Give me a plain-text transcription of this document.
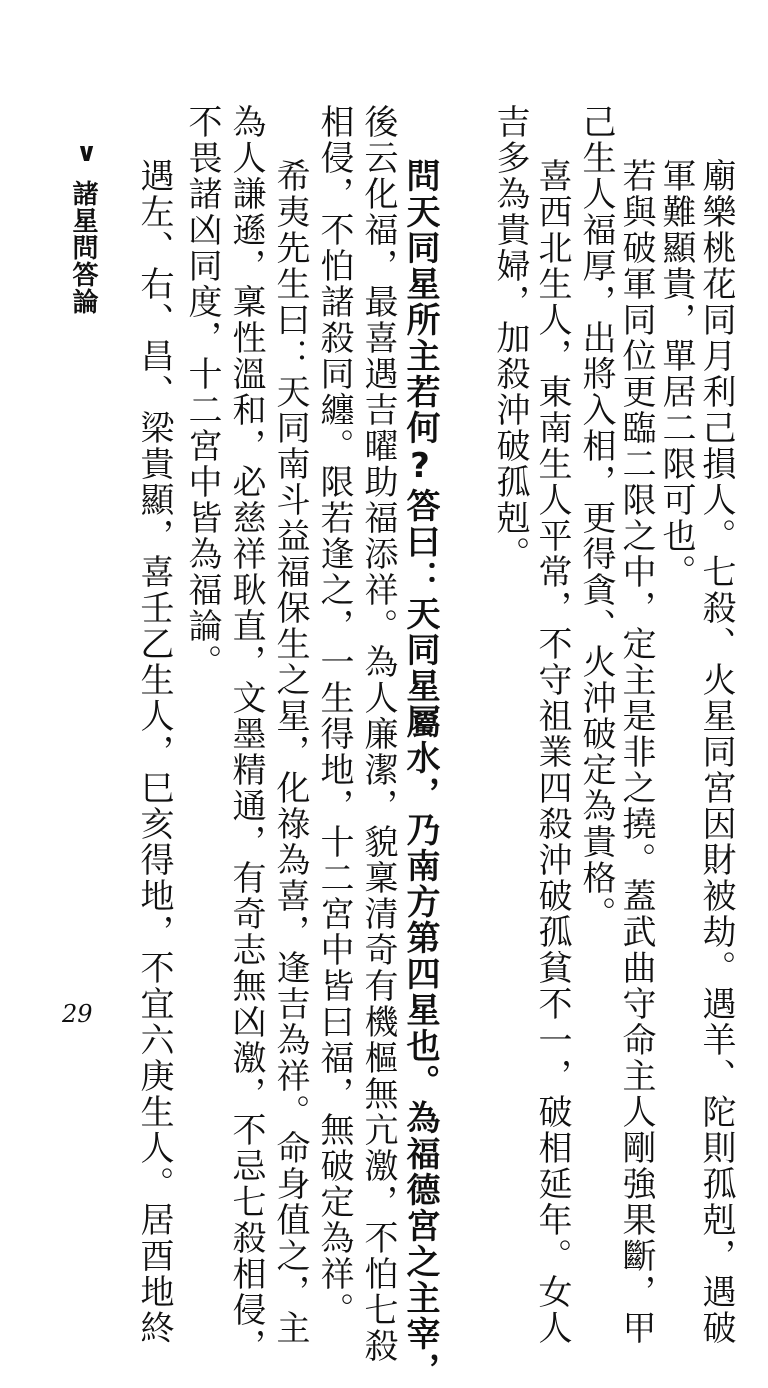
廟樂桃花同月利己損人。七殺、火星同宮因財被劫。遇羊、陀則孤剋，遇破
軍難顯貴，單居二限可也。
若與破軍同位更臨二限之中，定主是非之撓。蓋武曲守命主人剛強果斷，甲
己生人福厚，出將入相，更得貪、火沖破定為貴格。
喜西北生人，東南生人平常，不守祖業四殺沖破孤貧不一，破相延年。女人
吉多為貴婦，加殺沖破孤剋。
問天同星所主若何?答曰：天同星屬水，乃南方第四星也。為福德宮之主宰，
後云化福，最喜遇吉曜助福添祥。為人廉潔，貌稟清奇有機樞無亢激，不怕七殺
相侵，不怕諸殺同纏。限若逢之，一生得地，十二宮中皆曰福，無破定為祥。
希夷先生曰：天同南斗益福保生之星，化祿為喜，逢吉為祥。命身值之，主
為人謙遜，稟性溫和，必慈祥耿直，文墨精通，有奇志無凶激，不忌七殺相侵，
不畏諸凶同度，十二宮中皆為福論。
遇左、右、昌、梁貴顯，喜壬乙生人，巳亥得地，不宜六庚生人。居酉地終
∨
諸星問答論
29
